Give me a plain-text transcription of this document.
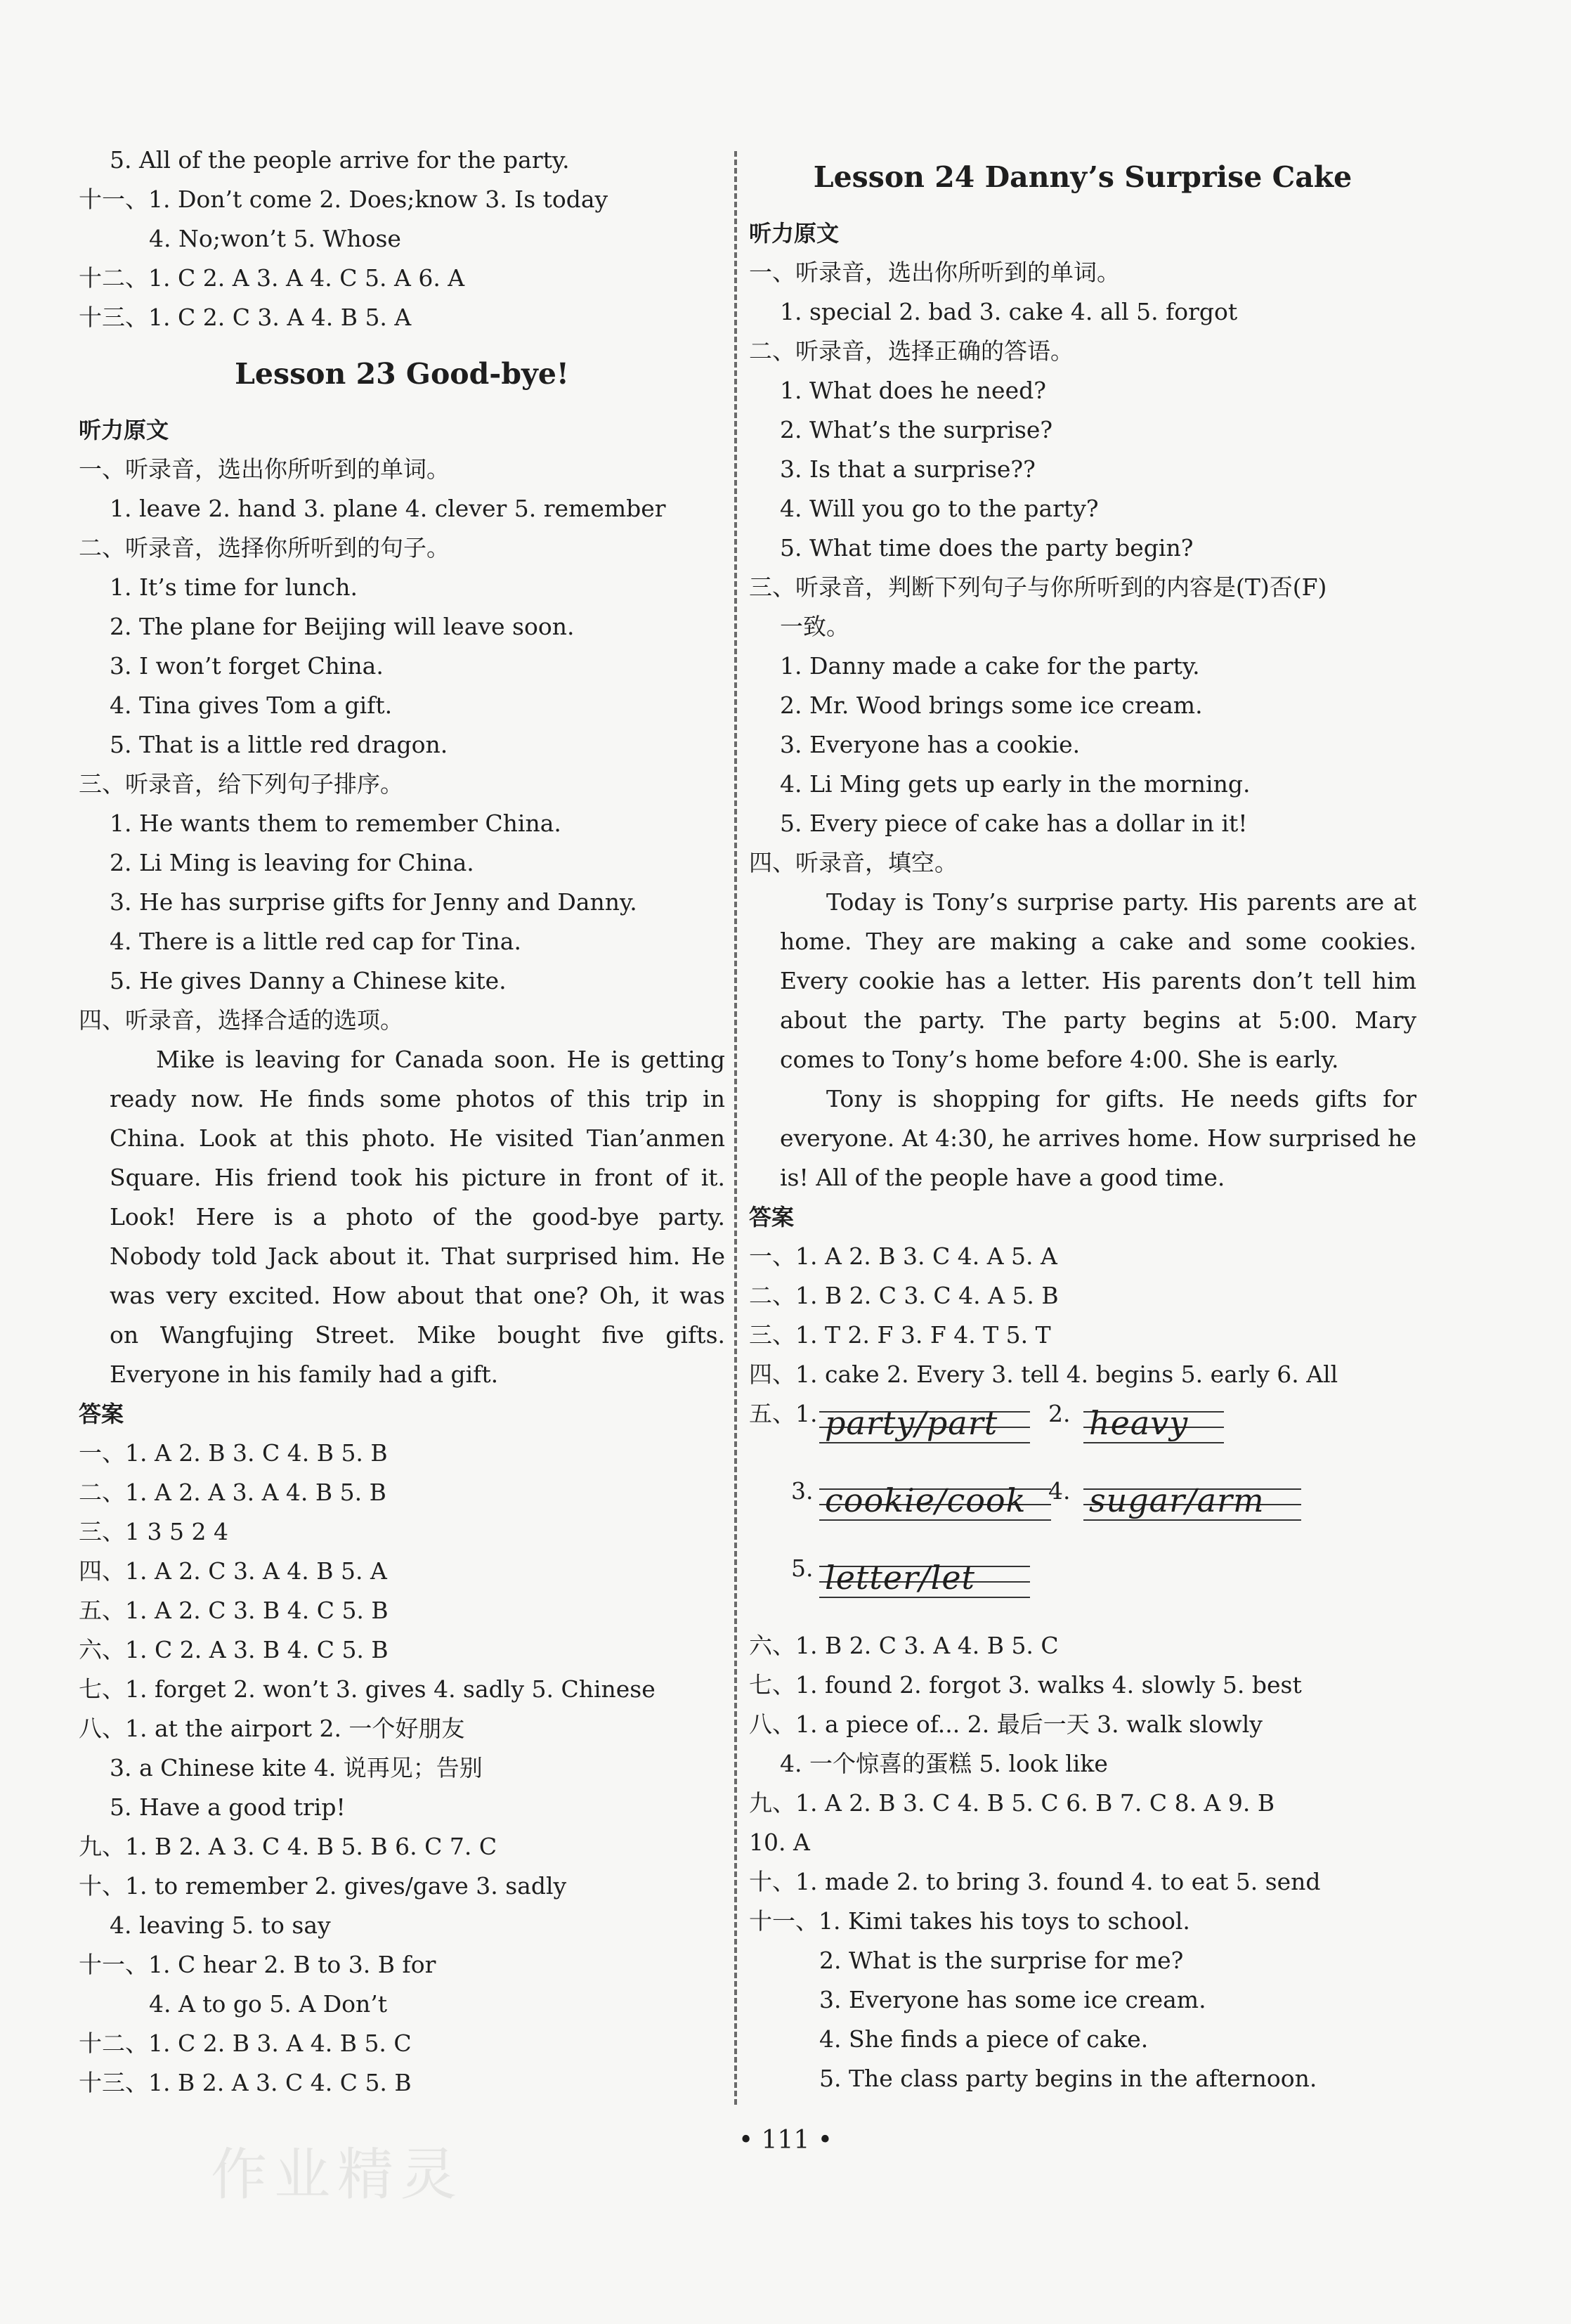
5. All of the people arrive for the party.
十一、1. Don’t come 2. Does;know 3. Is today
4. No;won’t 5. Whose
十二、1. C 2. A 3. A 4. C 5. A 6. A
十三、1. C 2. C 3. A 4. B 5. A
Lesson 23 Good-bye!
听力原文
一、听录音，选出你所听到的单词。
1. leave 2. hand 3. plane 4. clever 5. remember
二、听录音，选择你所听到的句子。
1. It’s time for lunch.
2. The plane for Beijing will leave soon.
3. I won’t forget China.
4. Tina gives Tom a gift.
5. That is a little red dragon.
三、听录音，给下列句子排序。
1. He wants them to remember China.
2. Li Ming is leaving for China.
3. He has surprise gifts for Jenny and Danny.
4. There is a little red cap for Tina.
5. He gives Danny a Chinese kite.
四、听录音，选择合适的选项。

Mike is leaving for Canada soon. He is getting ready now. He finds some photos of this trip in China. Look at this photo. He visited Tian’anmen Square. His friend took his picture in front of it. Look! Here is a photo of the good-bye party. Nobody told Jack about it. That surprised him. He was very excited. How about that one? Oh, it was on Wangfujing Street. Mike bought five gifts. Everyone in his family had a gift.

答案
一、1. A 2. B 3. C 4. B 5. B
二、1. A 2. A 3. A 4. B 5. B
三、1 3 5 2 4
四、1. A 2. C 3. A 4. B 5. A
五、1. A 2. C 3. B 4. C 5. B
六、1. C 2. A 3. B 4. C 5. B
七、1. forget 2. won’t 3. gives 4. sadly 5. Chinese
八、1. at the airport 2. 一个好朋友
3. a Chinese kite 4. 说再见；告别
5. Have a good trip!
九、1. B 2. A 3. C 4. B 5. B 6. C 7. C
十、1. to remember 2. gives/gave 3. sadly
4. leaving 5. to say
十一、1. C hear 2. B to 3. B for
4. A to go 5. A Don’t
十二、1. C 2. B 3. A 4. B 5. C
十三、1. B 2. A 3. C 4. C 5. B
Lesson 24 Danny’s Surprise Cake
听力原文
一、听录音，选出你所听到的单词。
1. special 2. bad 3. cake 4. all 5. forgot
二、听录音，选择正确的答语。
1. What does he need?
2. What’s the surprise?
3. Is that a surprise??
4. Will you go to the party?
5. What time does the party begin?
三、听录音，判断下列句子与你所听到的内容是(T)否(F)
一致。
1. Danny made a cake for the party.
2. Mr. Wood brings some ice cream.
3. Everyone has a cookie.
4. Li Ming gets up early in the morning.
5. Every piece of cake has a dollar in it!
四、听录音，填空。

Today is Tony’s surprise party. His parents are at home. They are making a cake and some cookies. Every cookie has a letter. His parents don’t tell him about the party. The party begins at 5:00. Mary comes to Tony’s home before 4:00. She is early.

Tony is shopping for gifts. He needs gifts for everyone. At 4:30, he arrives home. How surprised he is! All of the people have a good time.

答案
一、1. A 2. B 3. C 4. A 5. A
二、1. B 2. C 3. C 4. A 5. B
三、1. T 2. F 3. F 4. T 5. T
四、1. cake 2. Every 3. tell 4. begins 5. early 6. All
五、1. party/part 2. heavy
3. cookie/cook 4. sugar/arm
5. letter/let
六、1. B 2. C 3. A 4. B 5. C
七、1. found 2. forgot 3. walks 4. slowly 5. best
八、1. a piece of... 2. 最后一天 3. walk slowly
4. 一个惊喜的蛋糕 5. look like
九、1. A 2. B 3. C 4. B 5. C 6. B 7. C 8. A 9. B
10. A
十、1. made 2. to bring 3. found 4. to eat 5. send
十一、1. Kimi takes his toys to school.
2. What is the surprise for me?
3. Everyone has some ice cream.
4. She finds a piece of cake.
5. The class party begins in the afternoon.
• 111 •
作业精灵
